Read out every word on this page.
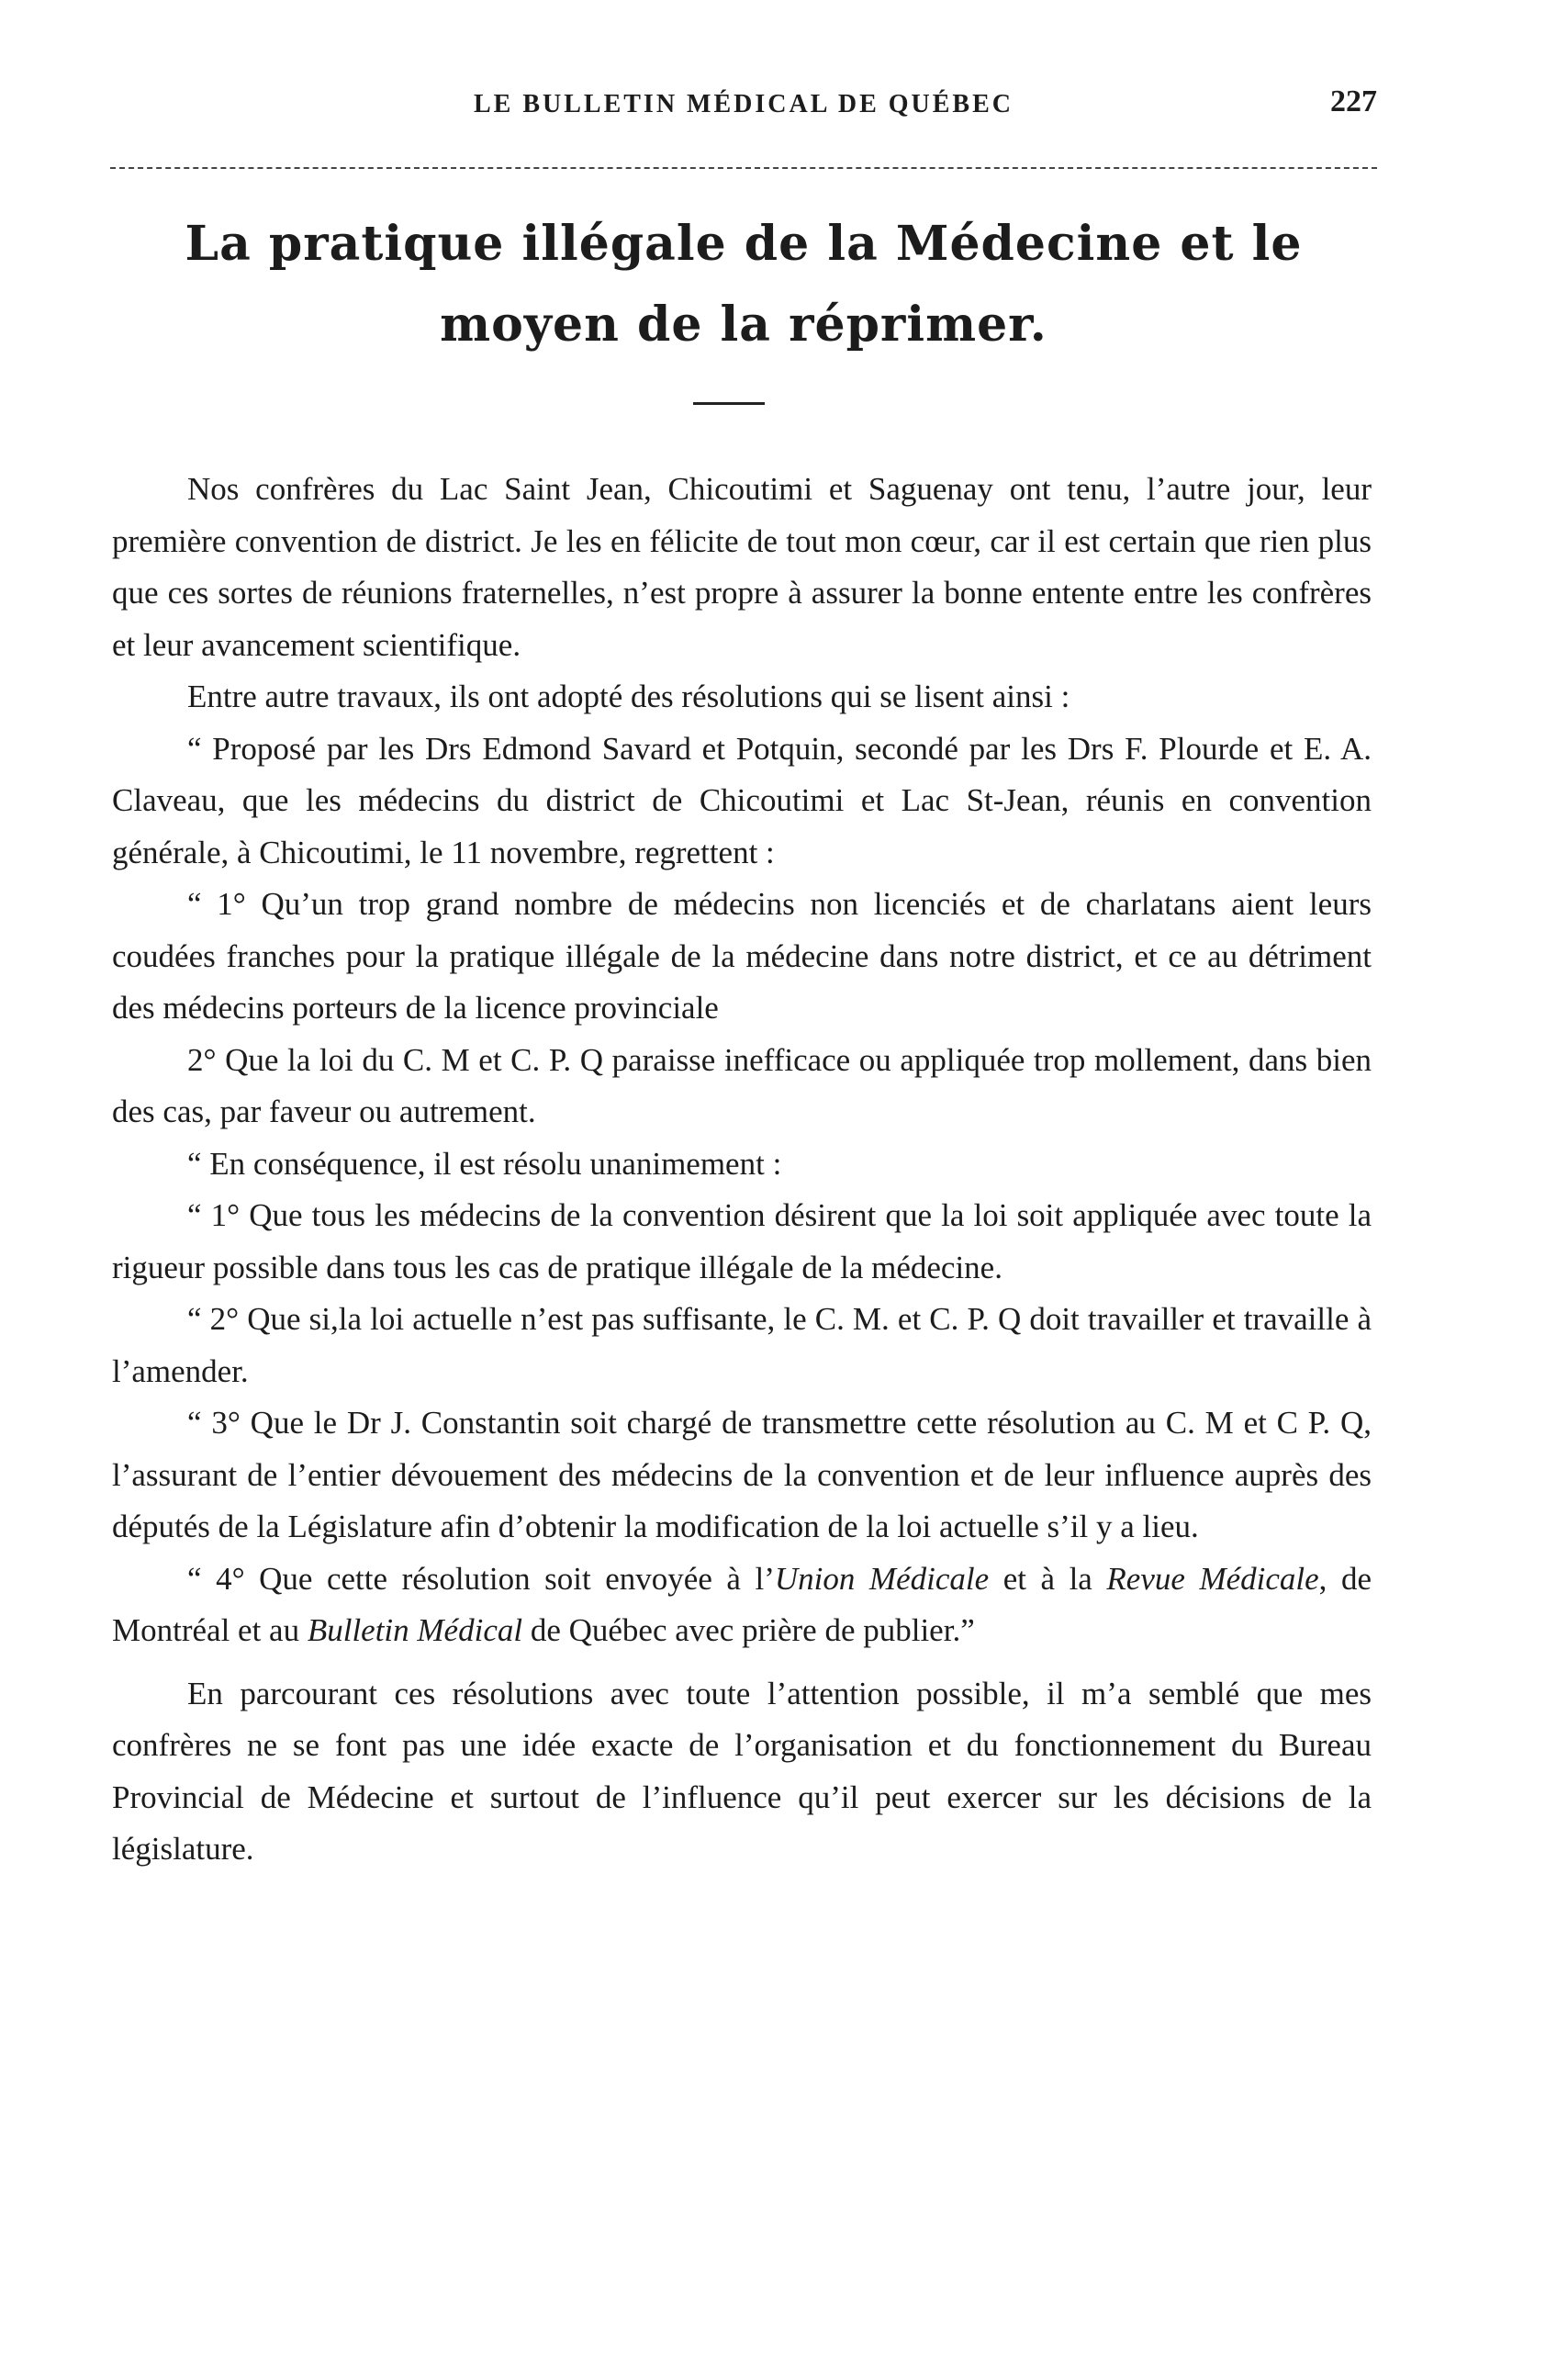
LE BULLETIN MÉDICAL DE QUÉBEC	227
La pratique illégale de la Médecine et le moyen de la réprimer.

Nos confrères du Lac Saint Jean, Chicoutimi et Saguenay ont tenu, l’autre jour, leur première convention de district. Je les en félicite de tout mon cœur, car il est certain que rien plus que ces sortes de réunions fraternelles, n’est propre à assurer la bonne entente entre les confrères et leur avancement scientifique.

Entre autre travaux, ils ont adopté des résolutions qui se lisent ainsi :

“ Proposé par les Drs Edmond Savard et Potquin, secondé par les Drs F. Plourde et E. A. Claveau, que les médecins du district de Chicoutimi et Lac St-Jean, réunis en convention générale, à Chicoutimi, le 11 novembre, regrettent :

“ 1° Qu’un trop grand nombre de médecins non licenciés et de charlatans aient leurs coudées franches pour la pratique illégale de la médecine dans notre district, et ce au détriment des médecins porteurs de la licence provinciale

2° Que la loi du C. M et C. P. Q paraisse inefficace ou appliquée trop mollement, dans bien des cas, par faveur ou autrement.

“ En conséquence, il est résolu unanimement :

“ 1° Que tous les médecins de la convention désirent que la loi soit appliquée avec toute la rigueur possible dans tous les cas de pratique illégale de la médecine.

“ 2° Que si,la loi actuelle n’est pas suffisante, le C. M. et C. P. Q doit travailler et travaille à l’amender.

“ 3° Que le Dr J. Constantin soit chargé de transmettre cette résolution au C. M et C P. Q, l’assurant de l’entier dévouement des médecins de la convention et de leur influence auprès des députés de la Législature afin d’obtenir la modification de la loi actuelle s’il y a lieu.

“ 4° Que cette résolution soit envoyée à l’Union Médicale et à la Revue Médicale, de Montréal et au Bulletin Médical de Québec avec prière de publier.”

En parcourant ces résolutions avec toute l’attention possible, il m’a semblé que mes confrères ne se font pas une idée exacte de l’organisation et du fonctionnement du Bureau Provincial de Médecine et surtout de l’influence qu’il peut exercer sur les décisions de la législature.
